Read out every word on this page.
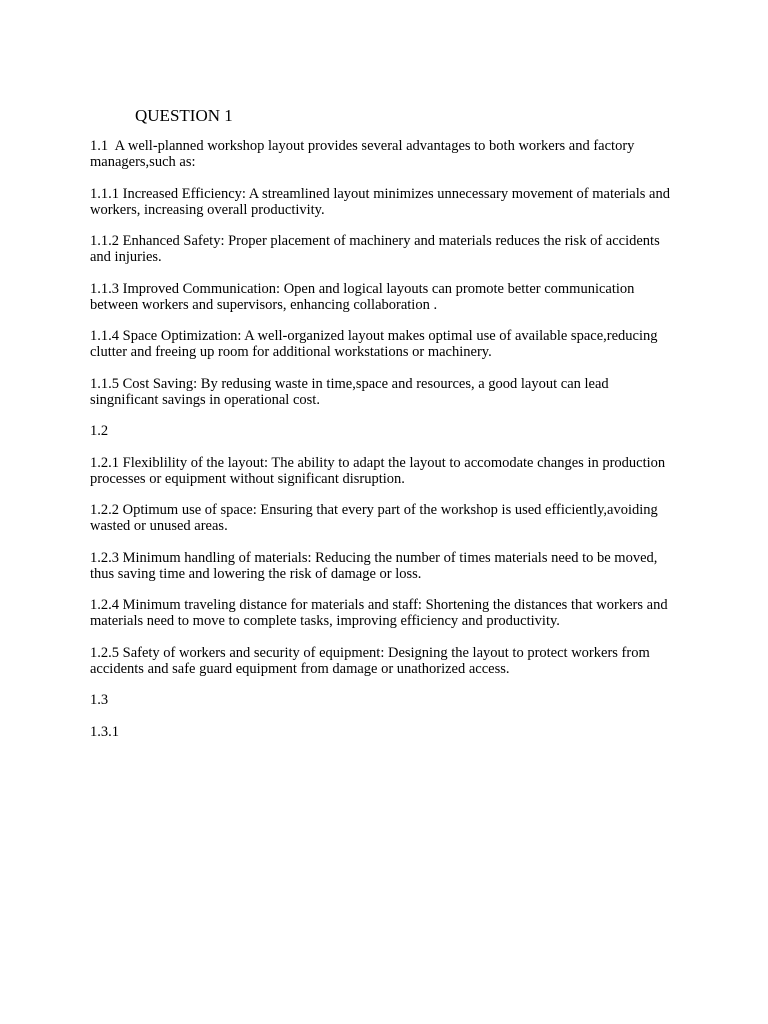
QUESTION 1
1.1  A well-planned workshop layout provides several advantages to both workers and factory managers,such as:
1.1.1 Increased Efficiency: A streamlined layout minimizes unnecessary movement of materials and workers, increasing overall productivity.
1.1.2 Enhanced Safety: Proper placement of machinery and materials reduces the risk of accidents and injuries.
1.1.3 Improved Communication: Open and logical layouts can promote better communication between workers and supervisors, enhancing collaboration .
1.1.4 Space Optimization: A well-organized layout makes optimal use of available space,reducing clutter and freeing up room for additional workstations or machinery.
1.1.5 Cost Saving: By redusing waste in time,space and resources, a good layout can lead singnificant savings in operational cost.
1.2
1.2.1 Flexiblility of the layout: The ability to adapt the layout to accomodate changes in production processes or equipment without significant disruption.
1.2.2 Optimum use of space: Ensuring that every part of the workshop is used efficiently,avoiding wasted or unused areas.
1.2.3 Minimum handling of materials: Reducing the number of times materials need to be moved, thus saving time and lowering the risk of damage or loss.
1.2.4 Minimum traveling distance for materials and staff: Shortening the distances that workers and materials need to move to complete tasks, improving efficiency and productivity.
1.2.5 Safety of workers and security of equipment: Designing the layout to protect workers from accidents and safe guard equipment from damage or unathorized access.
1.3
1.3.1
